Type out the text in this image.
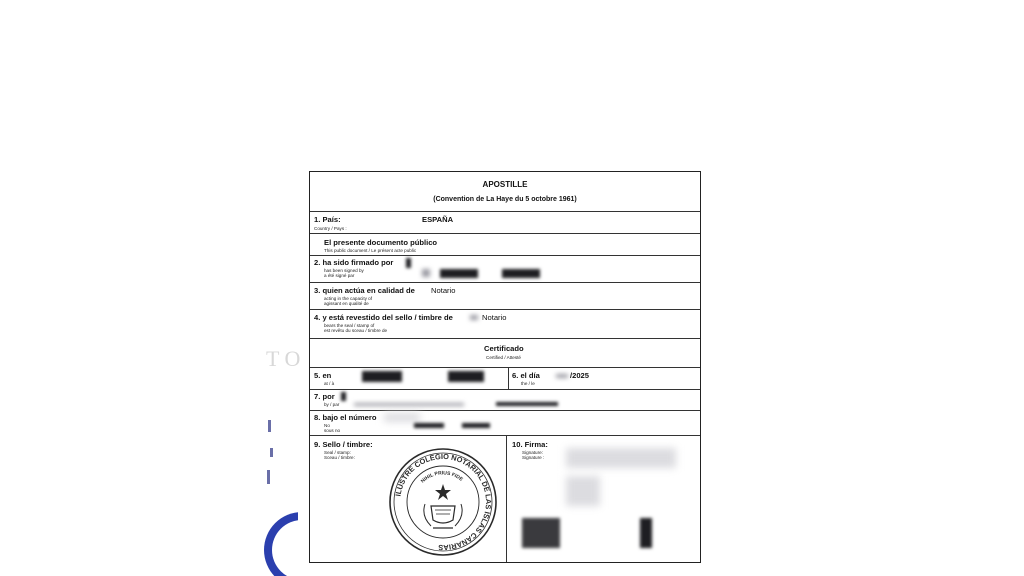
T O
APOSTILLE
(Convention de La Haye du 5 octobre 1961)
1. País:
Country / Pays :
ESPAÑA
El presente documento público
This public document / Le présent acte public
2. ha sido firmado por
has been signed by
a été signé par
3. quien actúa en calidad de Notario
acting in the capacity of
agissant en qualité de
4. y está revestido del sello / timbre de	Notario
bears the seal / stamp of
est revêtu du sceau / timbre de
Certificado
Certified / Attesté
5. en
at / à
6. el día
the / le
/2025
7. por
by / par
8. bajo el número
No
sous no
9. Sello / timbre:
Seal / stamp:
Sceau / timbre:
ILUSTRE COLEGIO NOTARIAL DE LAS ISLAS CANARIAS
NIHIL PRIUS FIDE
10. Firma:
Signature:
Signature :
